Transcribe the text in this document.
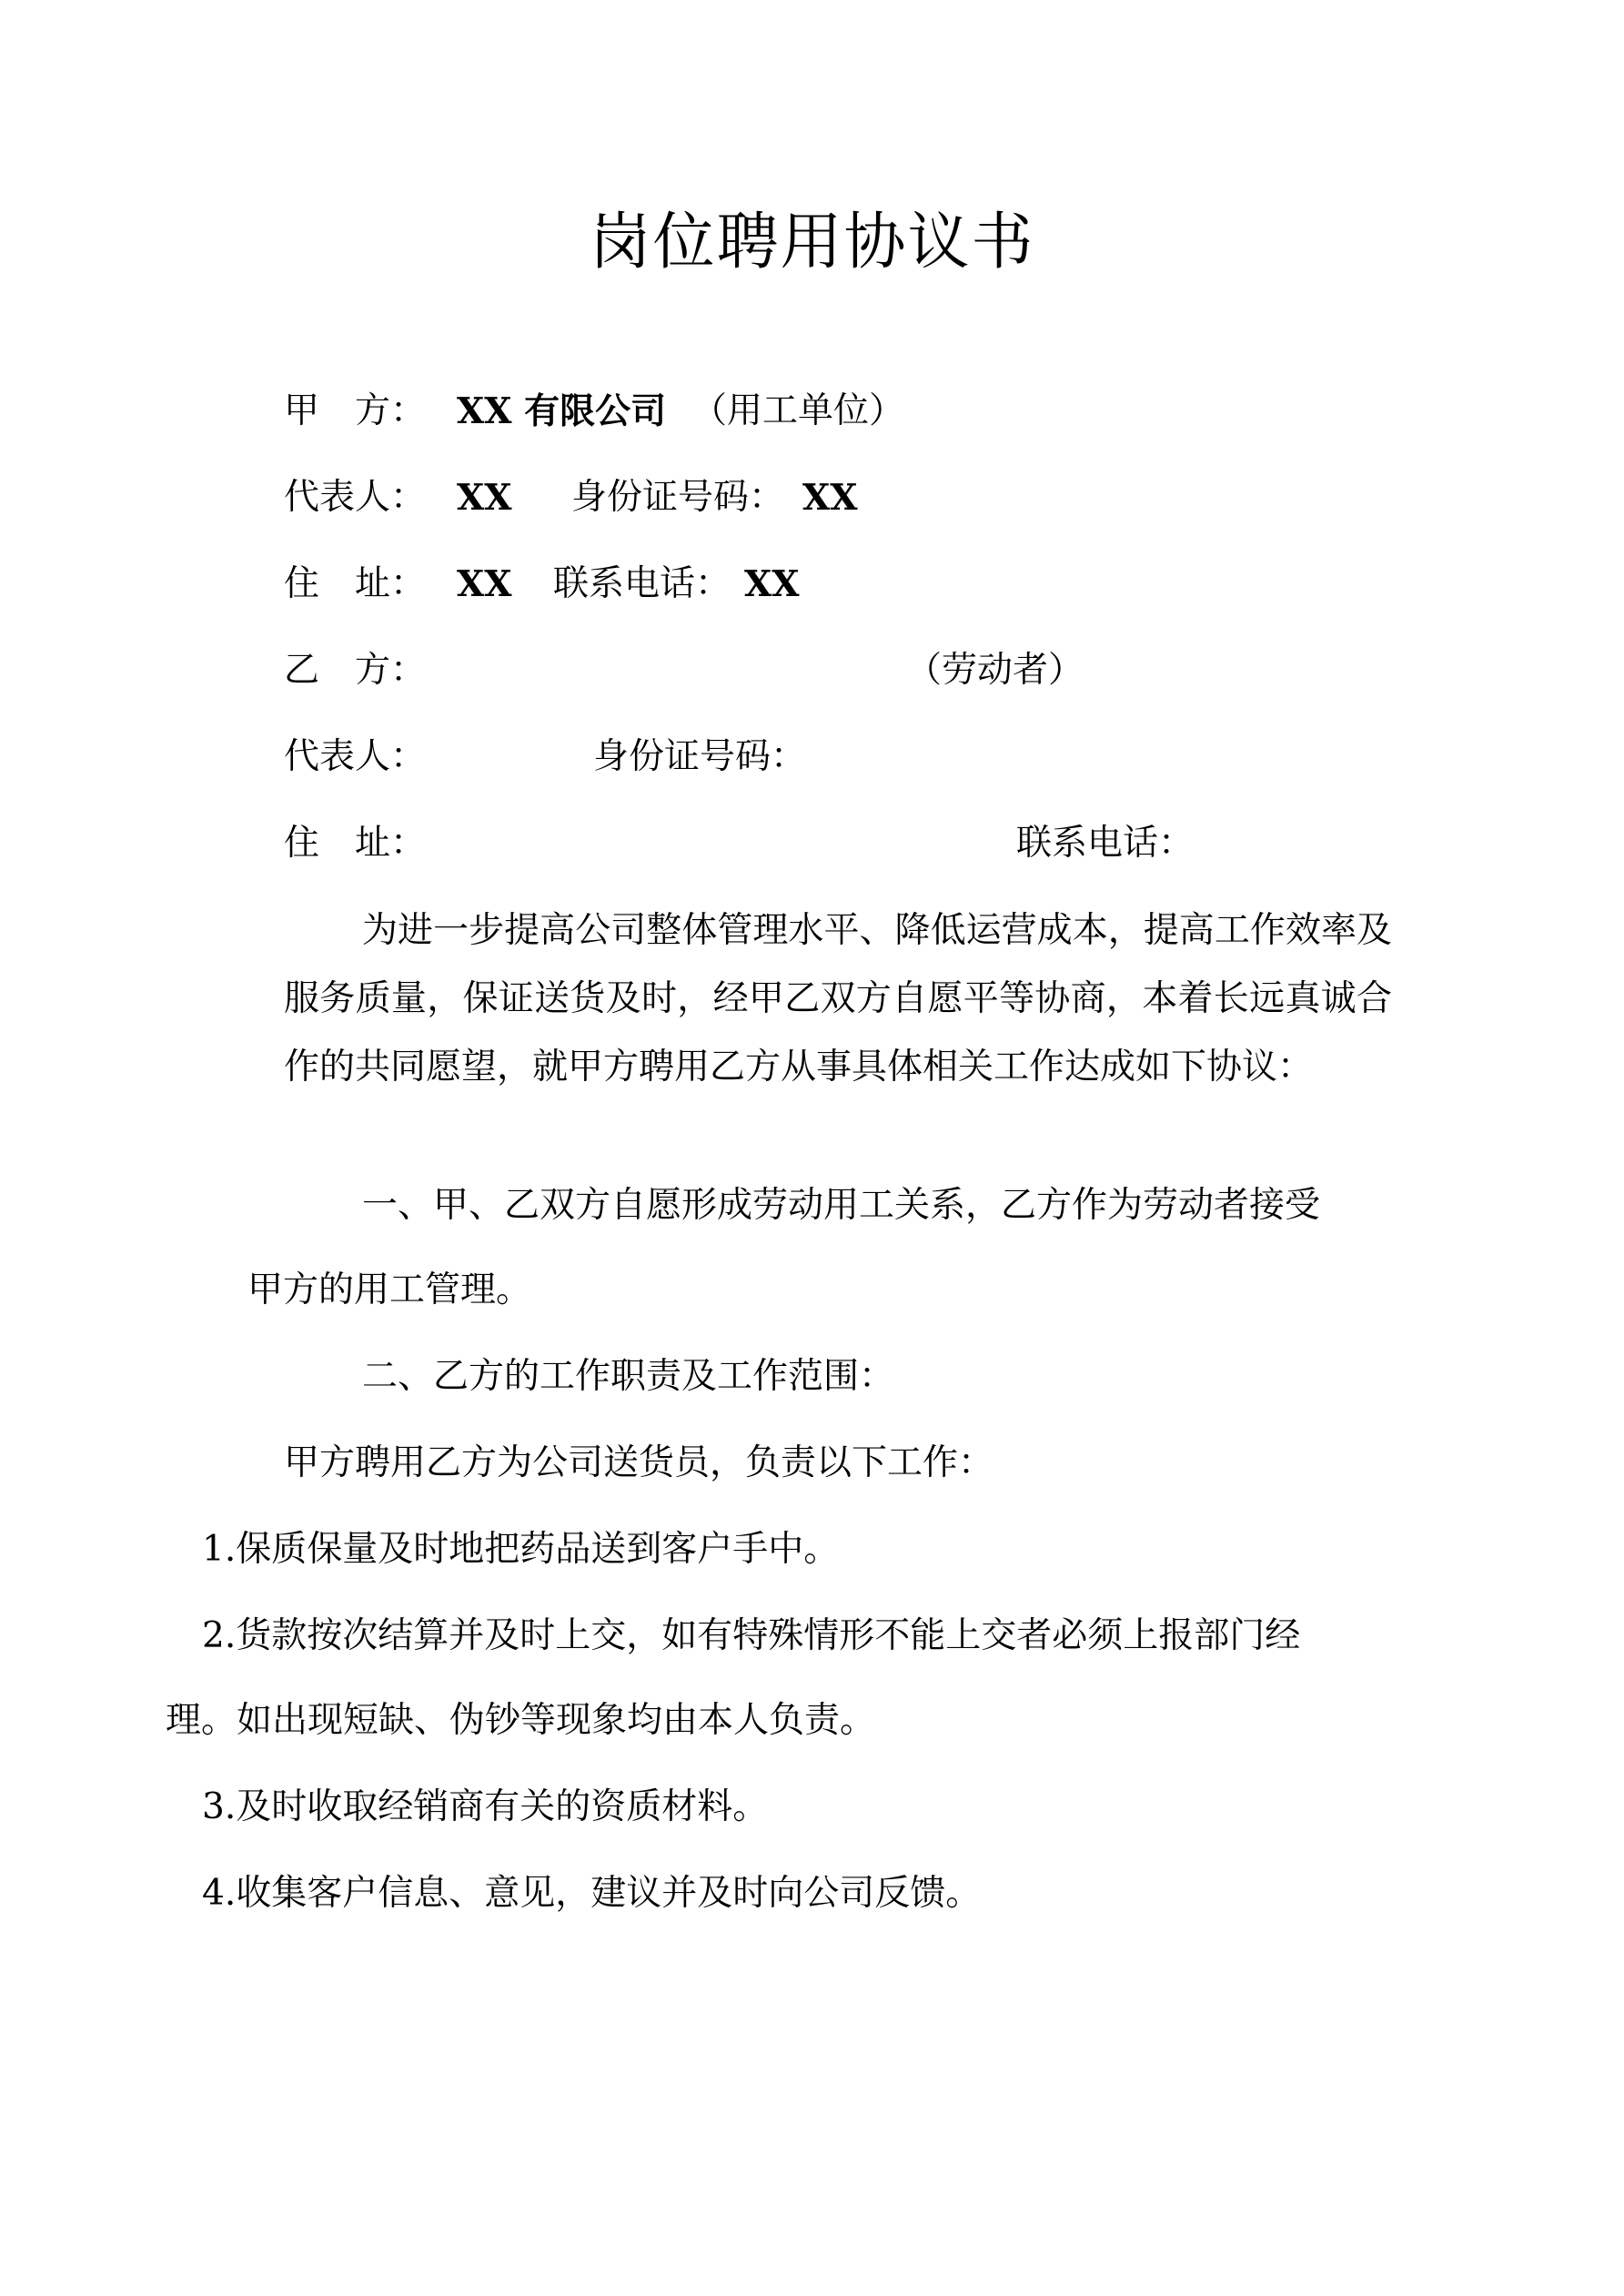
岗位聘用协议书
甲　方： XX 有限公司 （用工单位）
代表人： XX 身份证号码： XX
住　址： XX 联系电话： XX
乙　方：	（劳动者）
代表人：	身份证号码：
住　址：	联系电话：
为进一步提高公司整体管理水平、降低运营成本，提高工作效率及服务质量，保证送货及时，经甲乙双方自愿平等协商，本着长远真诚合作的共同愿望，就甲方聘用乙方从事具体相关工作达成如下协议：
一、甲、乙双方自愿形成劳动用工关系，乙方作为劳动者接受
甲方的用工管理。
二、乙方的工作职责及工作范围：
甲方聘用乙方为公司送货员，负责以下工作：
1.保质保量及时地把药品送到客户手中。
2.货款按次结算并及时上交，如有特殊情形不能上交者必须上报部门经
理。如出现短缺、伪钞等现象均由本人负责。
3.及时收取经销商有关的资质材料。
4.收集客户信息、意见，建议并及时向公司反馈。
